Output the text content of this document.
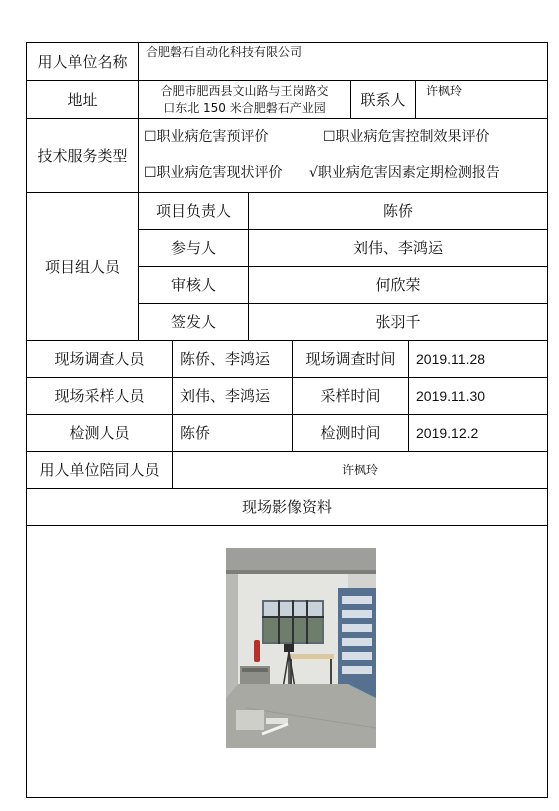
用人单位名称
合肥磐石自动化科技有限公司
地址	合肥市肥西县文山路与王岗路交
口东北 150 米合肥磐石产业园	联系人	许枫玲
技术服务类型
☐职业病危害预评价	☐职业病危害控制效果评价
☐职业病危害现状评价	√职业病危害因素定期检测报告
项目组人员
项目负责人	陈侨
参与人	刘伟、李鸿运
审核人	何欣荣
签发人	张羽千
现场调查人员	陈侨、李鸿运	现场调查时间	2019.11.28
现场采样人员	刘伟、李鸿运	采样时间	2019.11.30
检测人员	陈侨	检测时间	2019.12.2
用人单位陪同人员	许枫玲
现场影像资料
